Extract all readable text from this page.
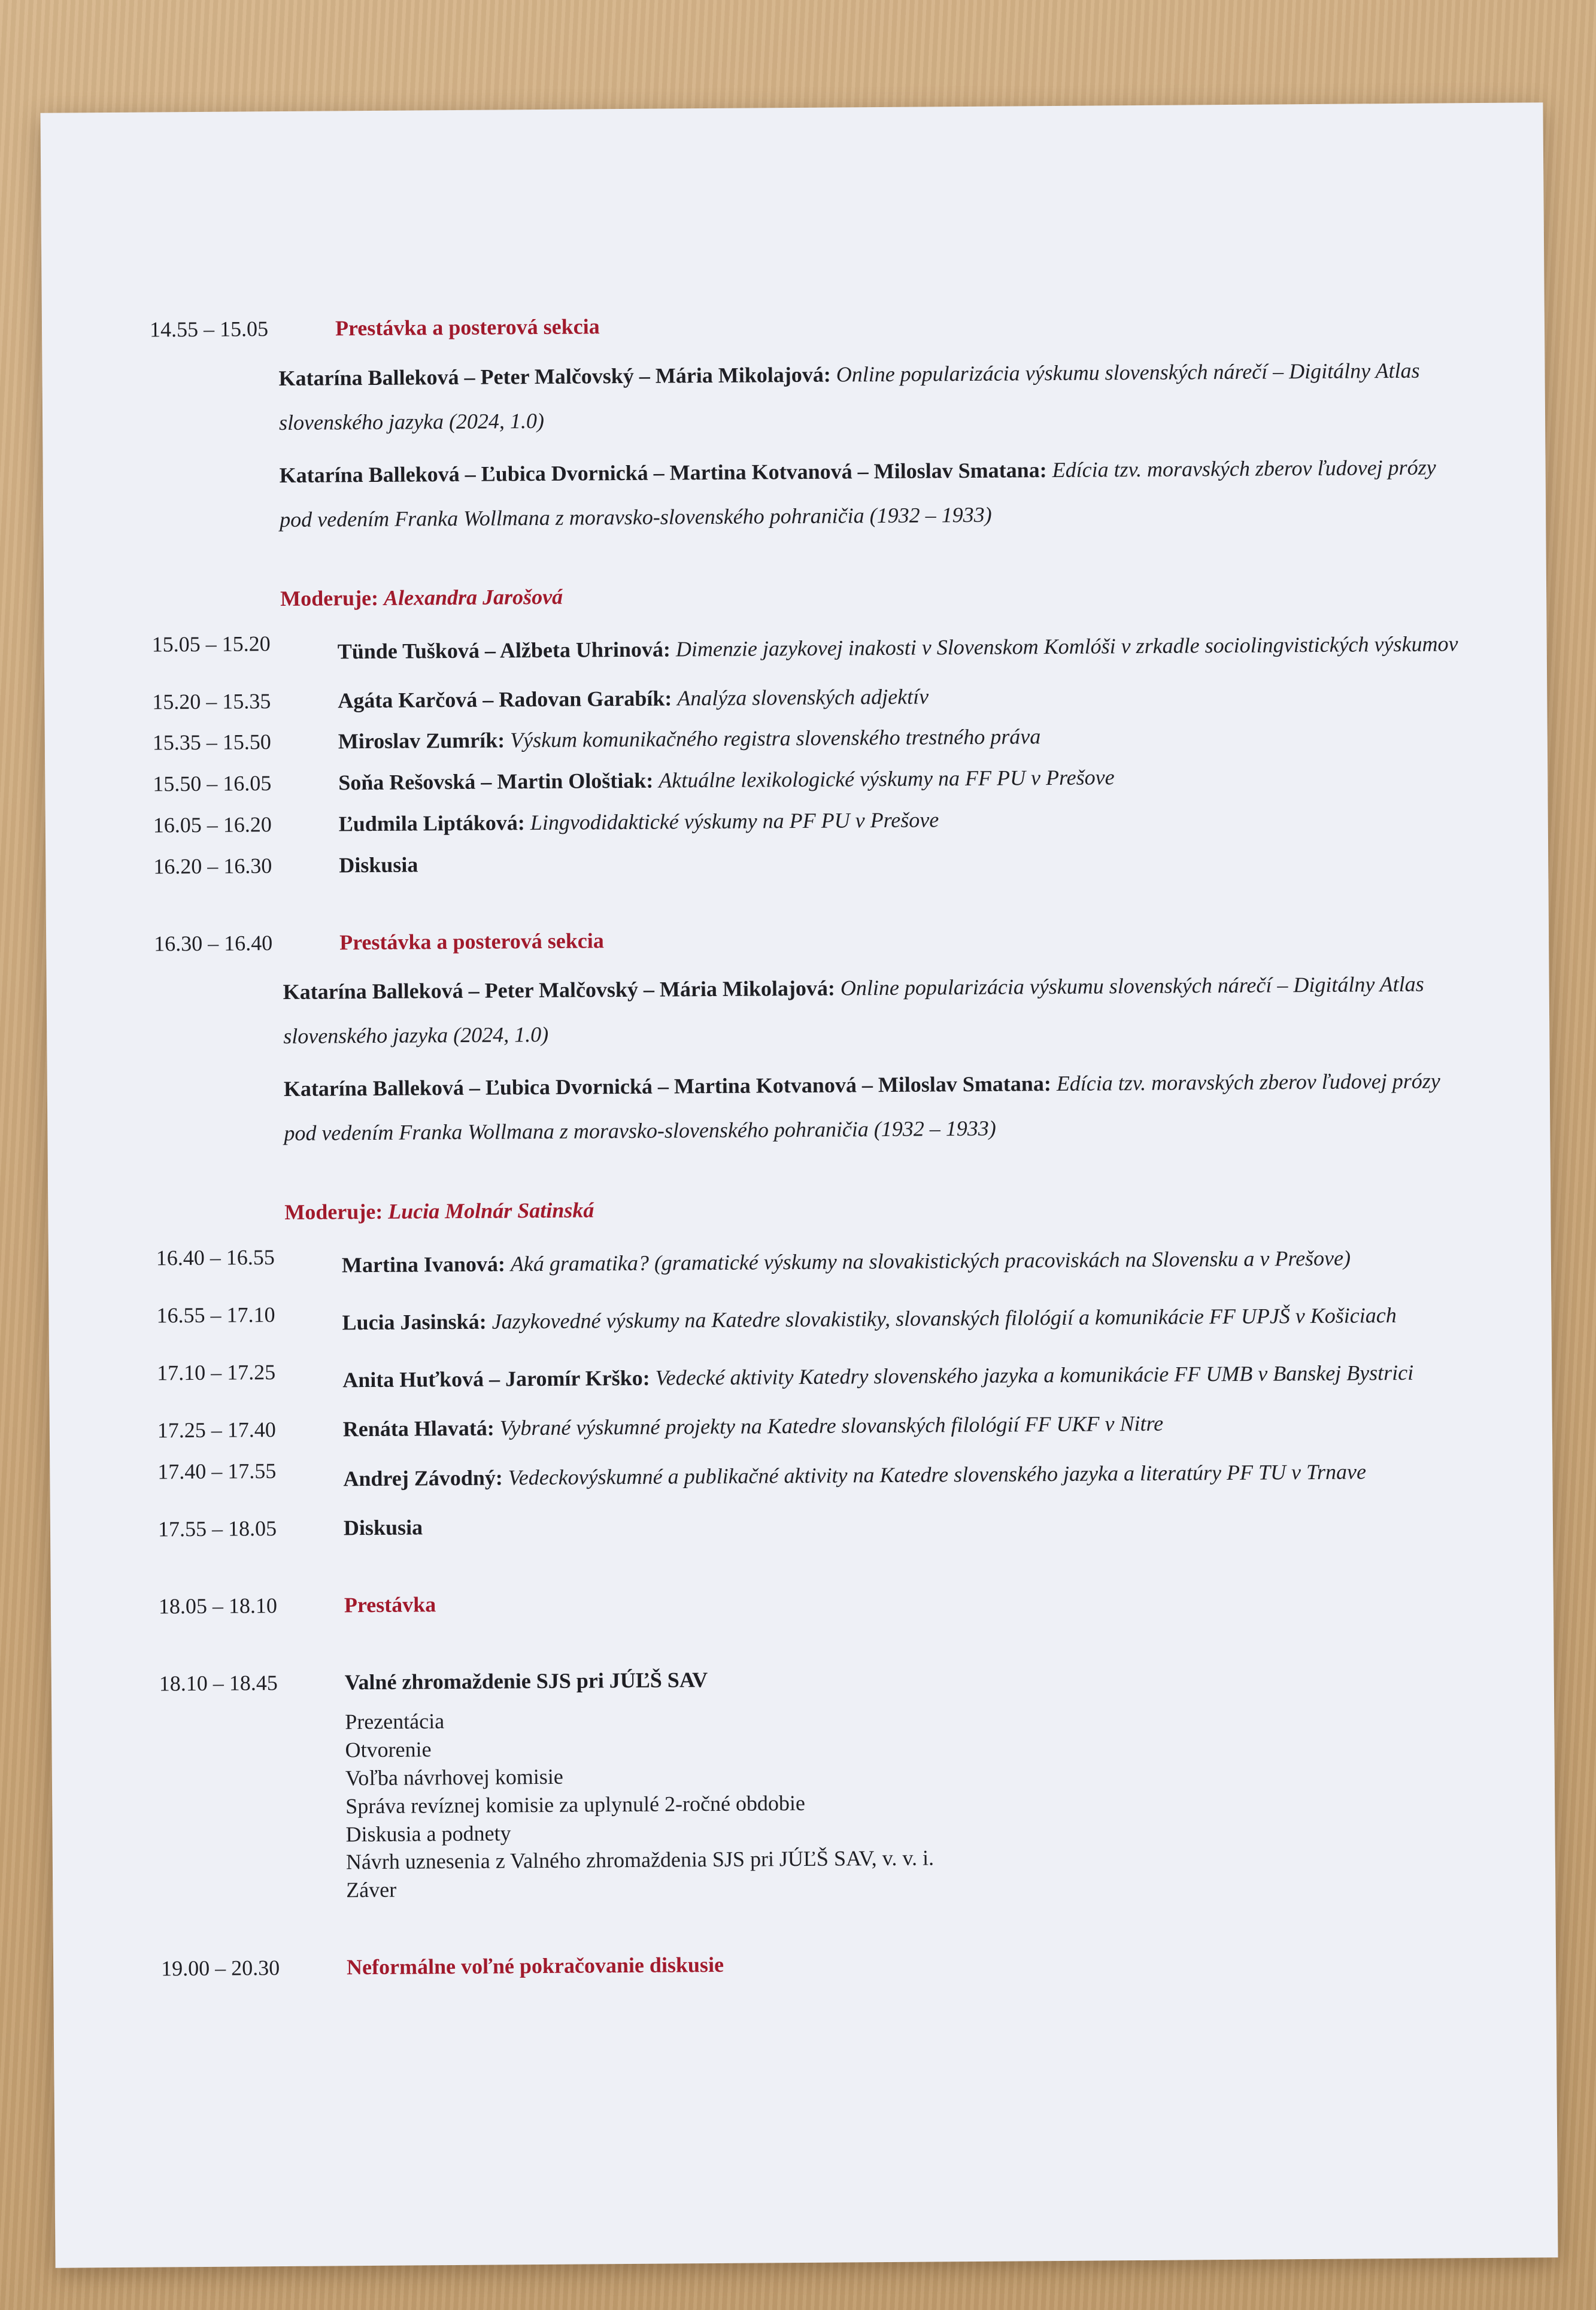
14.55 – 15.05	Prestávka a posterová sekcia

Katarína Balleková – Peter Malčovský – Mária Mikolajová: Online popularizácia výskumu slovenských nárečí – Digitálny Atlas slovenského jazyka (2024, 1.0)

Katarína Balleková – Ľubica Dvornická – Martina Kotvanová – Miloslav Smatana: Edícia tzv. moravských zberov ľudovej prózy pod vedením Franka Wollmana z moravsko-slovenského pohraničia (1932 – 1933)

Moderuje: Alexandra Jarošová
15.05 – 15.20	Tünde Tušková – Alžbeta Uhrinová: Dimenzie jazykovej inakosti v Slovenskom Komlóši v zrkadle sociolingvistických výskumov
15.20 – 15.35	Agáta Karčová – Radovan Garabík: Analýza slovenských adjektív
15.35 – 15.50	Miroslav Zumrík: Výskum komunikačného registra slovenského trestného práva
15.50 – 16.05	Soňa Rešovská – Martin Ološtiak: Aktuálne lexikologické výskumy na FF PU v Prešove
16.05 – 16.20	Ľudmila Liptáková: Lingvodidaktické výskumy na PF PU v Prešove
16.20 – 16.30	Diskusia
16.30 – 16.40	Prestávka a posterová sekcia

Katarína Balleková – Peter Malčovský – Mária Mikolajová: Online popularizácia výskumu slovenských nárečí – Digitálny Atlas slovenského jazyka (2024, 1.0)

Katarína Balleková – Ľubica Dvornická – Martina Kotvanová – Miloslav Smatana: Edícia tzv. moravských zberov ľudovej prózy pod vedením Franka Wollmana z moravsko-slovenského pohraničia (1932 – 1933)

Moderuje: Lucia Molnár Satinská
16.40 – 16.55	Martina Ivanová: Aká gramatika? (gramatické výskumy na slovakistických pracoviskách na Slovensku a v Prešove)
16.55 – 17.10	Lucia Jasinská: Jazykovedné výskumy na Katedre slovakistiky, slovanských filológií a komunikácie FF UPJŠ v Košiciach
17.10 – 17.25	Anita Huťková – Jaromír Krško: Vedecké aktivity Katedry slovenského jazyka a komunikácie FF UMB v Banskej Bystrici
17.25 – 17.40	Renáta Hlavatá: Vybrané výskumné projekty na Katedre slovanských filológií FF UKF v Nitre
17.40 – 17.55	Andrej Závodný: Vedeckovýskumné a publikačné aktivity na Katedre slovenského jazyka a literatúry PF TU v Trnave
17.55 – 18.05	Diskusia
18.05 – 18.10	Prestávka
18.10 – 18.45	Valné zhromaždenie SJS pri JÚĽŠ SAV
Prezentácia
Otvorenie
Voľba návrhovej komisie
Správa revíznej komisie za uplynulé 2-ročné obdobie
Diskusia a podnety
Návrh uznesenia z Valného zhromaždenia SJS pri JÚĽŠ SAV, v. v. i.
Záver
19.00 – 20.30	Neformálne voľné pokračovanie diskusie
